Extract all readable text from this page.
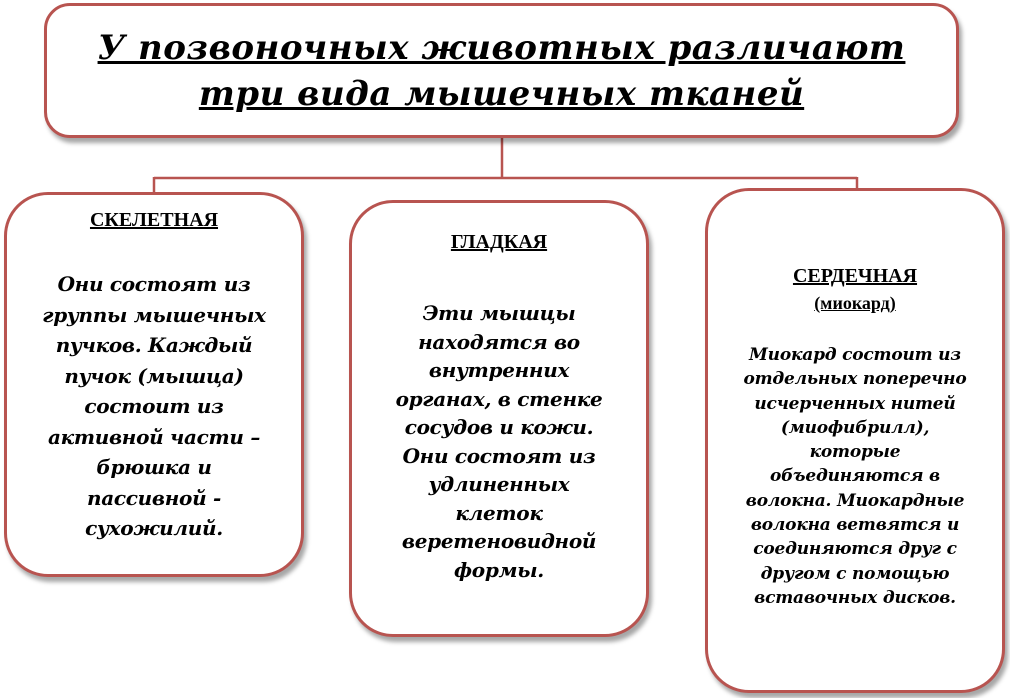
У позвоночных животных различают
три вида мышечных тканей
СКЕЛЕТНАЯ
Они состоят из
группы мышечных
пучков. Каждый
пучок (мышца)
состоит из
активной части –
брюшка и
пассивной -
сухожилий.
ГЛАДКАЯ
Эти мышцы
находятся во
внутренних
органах, в стенке
сосудов и кожи.
Они состоят из
удлиненных
клеток
веретеновидной
формы.
СЕРДЕЧНАЯ
(миокард)
Миокард состоит из
отдельных поперечно
исчерченных нитей
(миофибрилл),
которые
объединяются в
волокна. Миокардные
волокна ветвятся и
соединяются друг с
другом с помощью
вставочных дисков.
